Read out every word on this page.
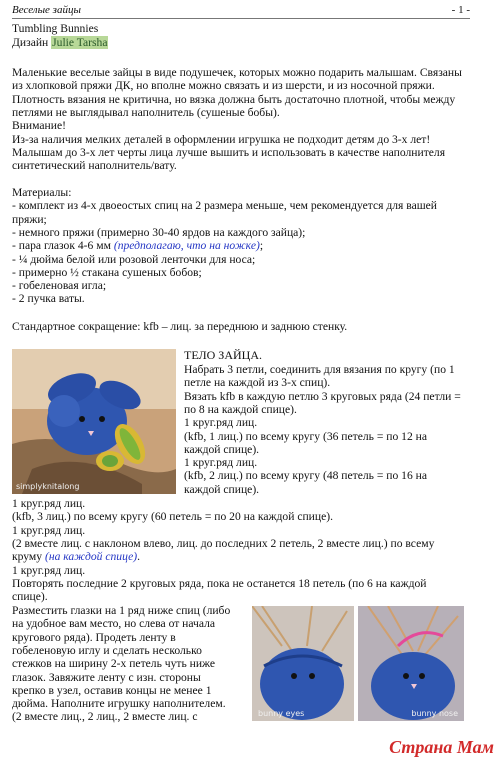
Веселые зайцы	- 1 -

Tumbling Bunnies

Дизайн Julie Tarsha

Маленькие веселые зайцы в виде подушечек, которых можно подарить малышам. Связаны

из хлопковой пряжи ДК, но вполне можно связать и из шерсти, и из носочной пряжи.

Плотность вязания не критична, но вязка должна быть достаточно плотной, чтобы между

петлями не выглядывал наполнитель (сушеные бобы).

Внимание!

Из-за наличия мелких деталей в оформлении игрушка не подходит детям до 3-х лет!

Малышам до 3-х лет черты лица лучше вышить и использовать в качестве наполнителя

синтетический наполнитель/вату.

Материалы:

- комплект из 4-х двоеостых спиц на 2 размера меньше, чем рекомендуется для вашей

пряжи;

- немного пряжи (примерно 30-40 ярдов на каждого зайца);

- пара глазок 4-6 мм (предполагаю, что на ножке);

- ¼ дюйма белой или розовой ленточки для носа;

- примерно ½ стакана сушеных бобов;

- гобеленовая игла;

- 2 пучка ваты.

Стандартное сокращение: kfb – лиц. за переднюю и заднюю стенку.

simplyknitalong

ТЕЛО ЗАЙЦА.

Набрать 3 петли, соединить для вязания по кругу (по 1

петле на каждой из 3-х спиц).

Вязать kfb в каждую петлю 3 круговых ряда (24 петли =

по 8 на каждой спице).

1 круг.ряд лиц.

(kfb, 1 лиц.) по всему кругу (36 петель = по 12 на

каждой спице).

1 круг.ряд лиц.

(kfb, 2 лиц.) по всему кругу (48 петель = по 16 на

каждой спице).

1 круг.ряд лиц.

(kfb, 3 лиц.) по всему кругу (60 петель = по 20 на каждой спице).

1 круг.ряд лиц.

(2 вместе лиц. с наклоном влево, лиц. до последних 2 петель, 2 вместе лиц.) по всему

круму (на каждой спице).

1 круг.ряд лиц.

Повторять последние 2 круговых ряда, пока не останется 18 петель (по 6 на каждой

спице).

Разместить глазки на 1 ряд ниже спиц (либо

на удобное вам место, но слева от начала

кругового ряда). Продеть ленту в

гобеленовую иглу и сделать несколько

стежков на ширину 2-х петель чуть ниже

глазок. Завяжите ленту с изн. стороны

крепко в узел, оставив концы не менее 1

дюйма. Наполните игрушку наполнителем.

(2 вместе лиц., 2 лиц., 2 вместе лиц. с	bunny eyes	bunny nose
Страна Мам
